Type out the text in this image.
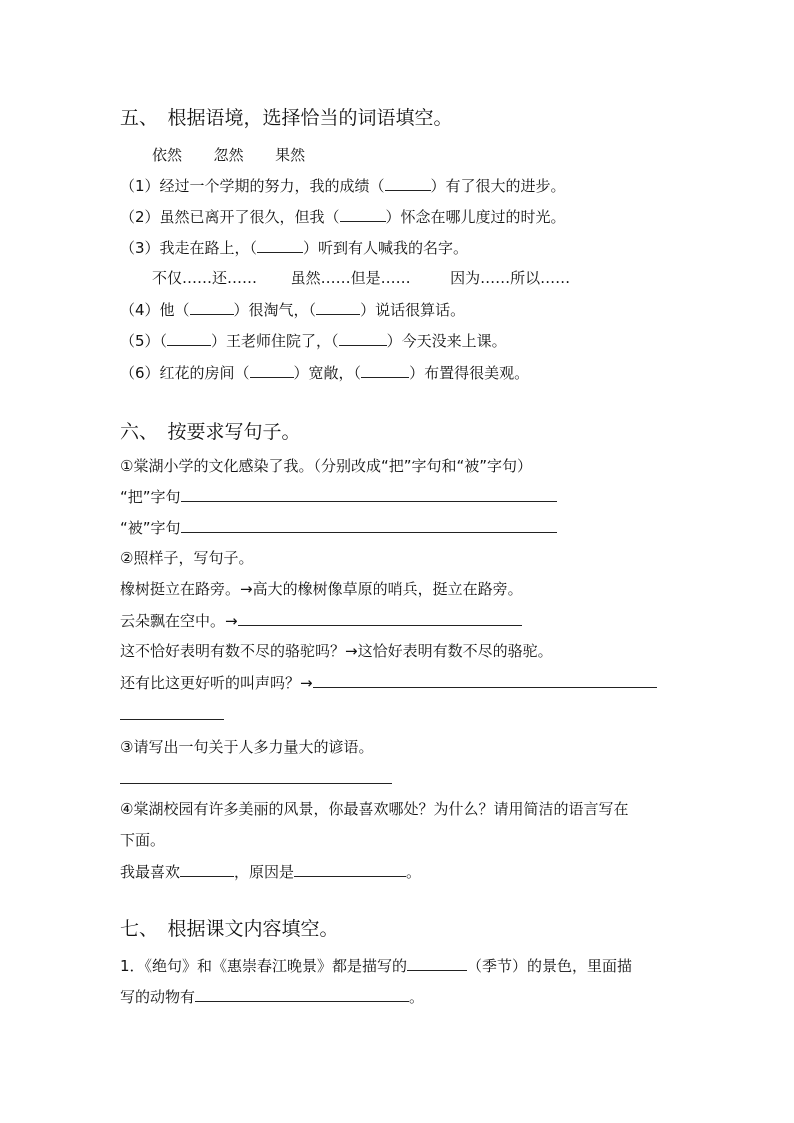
五、　根据语境，选择恰当的词语填空。
依然 忽然 果然
（1）经过一个学期的努力，我的成绩（	）有了很大的进步。
（2）虽然已离开了很久，但我（	）怀念在哪儿度过的时光。
（3）我走在路上，（	）听到有人喊我的名字。
不仅……还…… 虽然……但是……	因为……所以……
（4）他（	）很淘气，（	）说话很算话。
（5）（	）王老师住院了，（	）今天没来上课。
（6）红花的房间（	）宽敞，（	）布置得很美观。
六、　按要求写句子。
①棠湖小学的文化感染了我。（分别改成“把”字句和“被”字句）
“把”字句
“被”字句
②照样子，写句子。
橡树挺立在路旁。→高大的橡树像草原的哨兵，挺立在路旁。
云朵飘在空中。→
这不恰好表明有数不尽的骆驼吗？→这恰好表明有数不尽的骆驼。
还有比这更好听的叫声吗？→
③请写出一句关于人多力量大的谚语。
④棠湖校园有许多美丽的风景，你最喜欢哪处？为什么？请用简洁的语言写在
下面。
我最喜欢	，原因是	。
七、　根据课文内容填空。
1．《绝句》和《惠崇春江晚景》都是描写的	（季节）的景色，里面描
写的动物有	。
